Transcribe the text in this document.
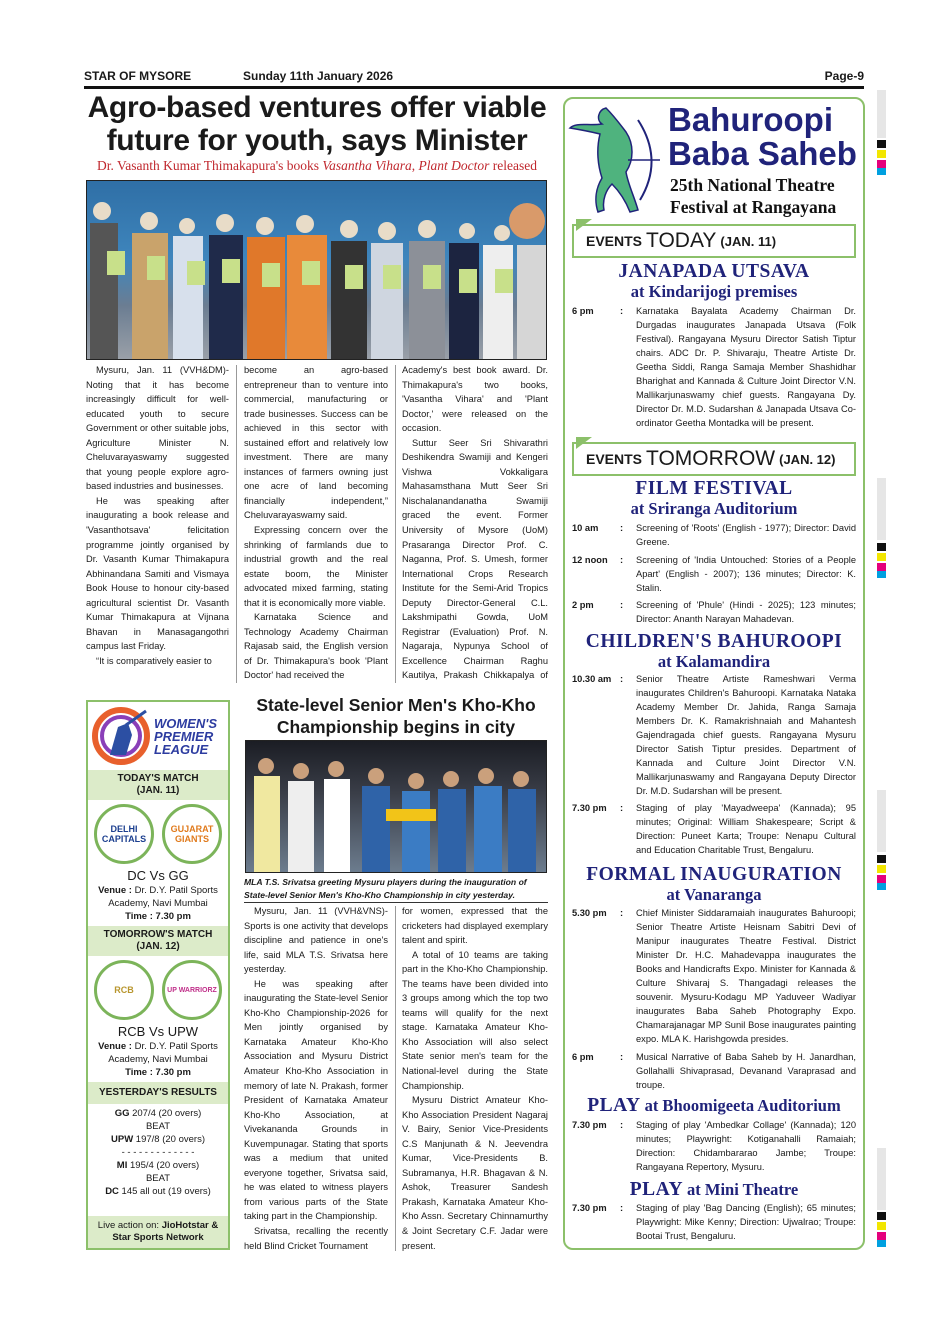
STAR OF MYSORE	Sunday 11th January 2026	Page-9
Agro-based ventures offer viable
future for youth, says Minister
Dr. Vasanth Kumar Thimakapura's books Vasantha Vihara, Plant Doctor released

Mysuru, Jan. 11 (VVH&DM)- Noting that it has become increasingly difficult for well-educated youth to secure Government or other suitable jobs, Agriculture Minister N. Cheluvarayaswamy suggested that young people explore agro-based industries and businesses.

He was speaking after inaugurating a book release and 'Vasanthotsava' felicitation programme jointly organised by Dr. Vasanth Kumar Thimakapura Abhinandana Samiti and Vismaya Book House to honour city-based agricultural scientist Dr. Vasanth Kumar Thimakapura at Vijnana Bhavan in Manasagangothri campus last Friday.

“It is comparatively easier to

become an agro-based entrepreneur than to venture into commercial, manufacturing or trade businesses. Success can be achieved in this sector with sustained effort and relatively low investment. There are many instances of farmers owning just one acre of land becoming financially independent,” Cheluvarayaswamy said.

Expressing concern over the shrinking of farmlands due to industrial growth and the real estate boom, the Minister advocated mixed farming, stating that it is economically more viable.

Karnataka Science and Technology Academy Chairman Rajasab said, the English version of Dr. Thimakapura's book 'Plant Doctor' had received the

Academy's best book award. Dr. Thimakapura's two books, 'Vasantha Vihara' and 'Plant Doctor,' were released on the occasion.

Suttur Seer Sri Shivarathri Deshikendra Swamiji and Kengeri Vishwa Vokkaligara Mahasamsthana Mutt Seer Sri Nischalanandanatha Swamiji graced the event. Former University of Mysore (UoM) Prasaranga Director Prof. C. Naganna, Prof. S. Umesh, former International Crops Research Institute for the Semi-Arid Tropics Deputy Director-General C.L. Lakshmipathi Gowda, UoM Registrar (Evaluation) Prof. N. Nagaraja, Nypunya School of Excellence Chairman Raghu Kautilya, Prakash Chikkapalya of

WOMEN'S
PREMIER
LEAGUE
TODAY'S MATCH
(JAN. 11)
DELHI CAPITALS
GUJARAT GIANTS
DC Vs GG
Venue : Dr. D.Y. Patil Sports Academy, Navi Mumbai
Time : 7.30 pm
TOMORROW'S MATCH
(JAN. 12)
RCB	UP WARRIORZ
RCB Vs UPW
Venue : Dr. D.Y. Patil Sports Academy, Navi Mumbai
Time : 7.30 pm
YESTERDAY'S RESULTS
GG 207/4 (20 overs)
BEAT
UPW 197/8 (20 overs)
- - - - - - - - - - - - -
MI 195/4 (20 overs)
BEAT
DC 145 all out (19 overs)
Live action on: JioHotstar & Star Sports Network
State-level Senior Men's Kho-Kho
Championship begins in city
MLA T.S. Srivatsa greeting Mysuru players during the inauguration of State-level Senior Men's Kho-Kho Championship in city yesterday.

Mysuru, Jan. 11 (VVH&VNS)- Sports is one activity that develops discipline and patience in one's life, said MLA T.S. Srivatsa here yesterday.

He was speaking after inaugurating the State-level Senior Kho-Kho Championship-2026 for Men jointly organised by Karnataka Amateur Kho-Kho Association and Mysuru District Amateur Kho-Kho Association in memory of late N. Prakash, former President of Karnataka Amateur Kho-Kho Association, at Vivekananda Grounds in Kuvempunagar. Stating that sports was a medium that united everyone together, Srivatsa said, he was elated to witness players from various parts of the State taking part in the Championship.

Srivatsa, recalling the recently held Blind Cricket Tournament

for women, expressed that the cricketers had displayed exemplary talent and spirit.

A total of 10 teams are taking part in the Kho-Kho Championship. The teams have been divided into 3 groups among which the top two teams will qualify for the next stage. Karnataka Amateur Kho-Kho Association will also select State senior men's team for the National-level during the State Championship.

Mysuru District Amateur Kho-Kho Association President Nagaraj V. Bairy, Senior Vice-Presidents C.S Manjunath & N. Jeevendra Kumar, Vice-Presidents B. Subramanya, H.R. Bhagavan & N. Ashok, Treasurer Sandesh Prakash, Karnataka Amateur Kho-Kho Assn. Secretary Chinnamurthy & Joint Secretary C.F. Jadar were present.

Bahuroopi
Baba Saheb
25th National Theatre
Festival at Rangayana
EVENTS TODAY (JAN. 11)
JANAPADA UTSAVA
at Kindarijogi premises
6 pm	:	Karnataka Bayalata Academy Chairman Dr. Durgadas inaugurates Janapada Utsava (Folk Festival). Rangayana Mysuru Director Satish Tiptur chairs. ADC Dr. P. Shivaraju, Theatre Artiste Dr. Geetha Siddi, Ranga Samaja Member Shashidhar Bharighat and Kannada & Culture Joint Director V.N. Mallikarjunaswamy chief guests. Rangayana Dy. Director Dr. M.D. Sudarshan & Janapada Utsava Co-ordinator Geetha Montadka will be present.
EVENTS TOMORROW (JAN. 12)
FILM FESTIVAL
at Sriranga Auditorium
10 am	:	Screening of 'Roots' (English - 1977); Director: David Greene.
12 noon	:	Screening of 'India Untouched: Stories of a People Apart' (English - 2007); 136 minutes; Director: K. Stalin.
2 pm	:	Screening of 'Phule' (Hindi - 2025); 123 minutes; Director: Ananth Narayan Mahadevan.
CHILDREN'S BAHUROOPI
at Kalamandira
10.30 am :	Senior Theatre Artiste Rameshwari Verma inaugurates Children's Bahuroopi. Karnataka Nataka Academy Member Dr. Jahida, Ranga Samaja Members Dr. K. Ramakrishnaiah and Mahantesh Gajendragada chief guests. Rangayana Mysuru Director Satish Tiptur presides. Department of Kannada and Culture Joint Director V.N. Mallikarjunaswamy and Rangayana Deputy Director Dr. M.D. Sudarshan will be present.
7.30 pm	:	Staging of play 'Mayadweepa' (Kannada); 95 minutes; Original: William Shakespeare; Script & Direction: Puneet Karta; Troupe: Nenapu Cultural and Education Charitable Trust, Bengaluru.
FORMAL INAUGURATION
at Vanaranga
5.30 pm	:	Chief Minister Siddaramaiah inaugurates Bahuroopi; Senior Theatre Artiste Heisnam Sabitri Devi of Manipur inaugurates Theatre Festival. District Minister Dr. H.C. Mahadevappa inaugurates the Books and Handicrafts Expo. Minister for Kannada & Culture Shivaraj S. Thangadagi releases the souvenir. Mysuru-Kodagu MP Yaduveer Wadiyar inaugurates Baba Saheb Photography Expo. Chamarajanagar MP Sunil Bose inaugurates painting expo. MLA K. Harishgowda presides.
6 pm	:	Musical Narrative of Baba Saheb by H. Janardhan, Gollahalli Shivaprasad, Devanand Varaprasad and troupe.
PLAY at Bhoomigeeta Auditorium
7.30 pm	:	Staging of play 'Ambedkar Collage' (Kannada); 120 minutes; Playwright: Kotiganahalli Ramaiah; Direction: Chidambararao Jambe; Troupe: Rangayana Repertory, Mysuru.
PLAY at Mini Theatre
7.30 pm	:	Staging of play 'Bag Dancing (English); 65 minutes; Playwright: Mike Kenny; Direction: Ujwalrao; Troupe: Bootai Trust, Bengaluru.
